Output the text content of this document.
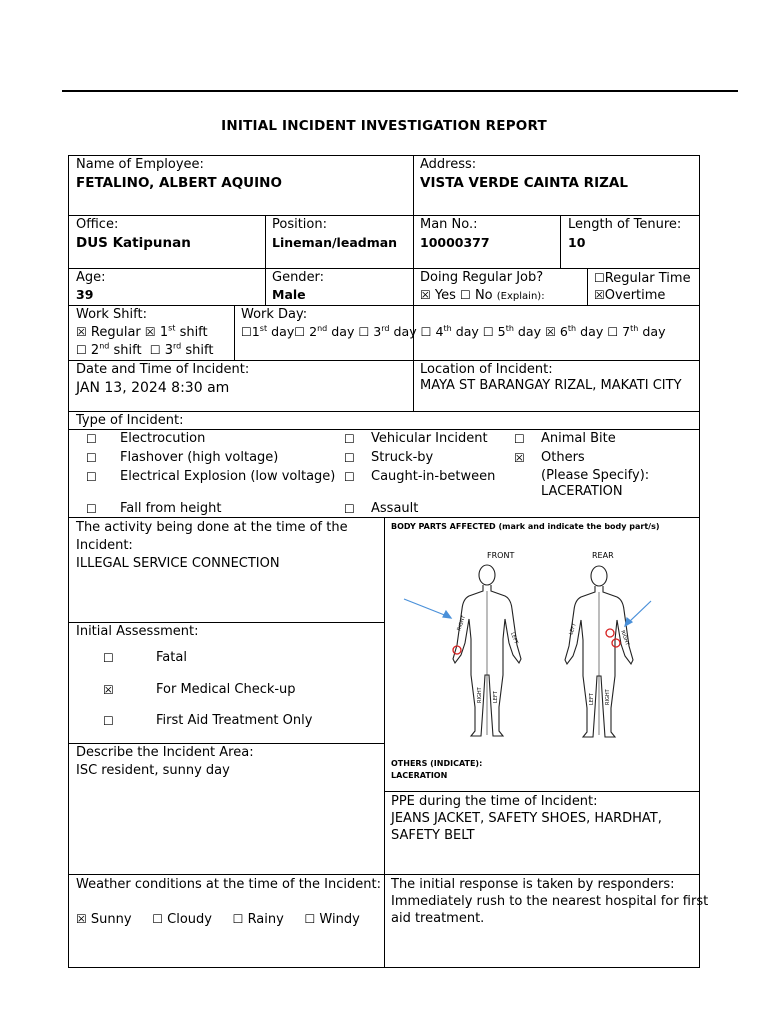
INITIAL INCIDENT INVESTIGATION REPORT
Name of Employee:
FETALINO, ALBERT AQUINO
Address:
VISTA VERDE CAINTA RIZAL
Office:
DUS Katipunan
Position:
Lineman/leadman
Man No.:
10000377
Length of Tenure:
10
Age:
39
Gender:
Male
Doing Regular Job?
☒ Yes ☐ No (Explain):
☐Regular Time
☒Overtime
Work Shift:
☒ Regular ☒ 1st shift
☐ 2nd shift ☐ 3rd shift
Work Day:
☐1st day☐ 2nd day ☐ 3rd day ☐ 4th day ☐ 5th day ☒ 6th day ☐ 7th day
Date and Time of Incident:
JAN 13, 2024 8:30 am
Location of Incident:
MAYA ST BARANGAY RIZAL, MAKATI CITY
Type of Incident:
☐ Electrocution
☐ Flashover (high voltage)
☐ Electrical Explosion (low voltage)
☐ Fall from height
☐ Vehicular Incident
☐ Struck-by
☐ Caught-in-between
☐ Assault
☐ Animal Bite
☒ Others
(Please Specify):
LACERATION
The activity being done at the time of the
Incident:
ILLEGAL SERVICE CONNECTION
Initial Assessment:
☐	Fatal
☒	For Medical Check-up
☐	First Aid Treatment Only
Describe the Incident Area:
ISC resident, sunny day
BODY PARTS AFFECTED (mark and indicate the body part/s)
FRONT	REAR
RIGHT
LEFT
RIGHT LEFT
LEFT
RIGHT
LEFT RIGHT
OTHERS (INDICATE):
LACERATION
PPE during the time of Incident:
JEANS JACKET, SAFETY SHOES, HARDHAT,
SAFETY BELT
Weather conditions at the time of the Incident:
☒ Sunny ☐ Cloudy ☐ Rainy ☐ Windy
The initial response is taken by responders:
Immediately rush to the nearest hospital for first
aid treatment.
